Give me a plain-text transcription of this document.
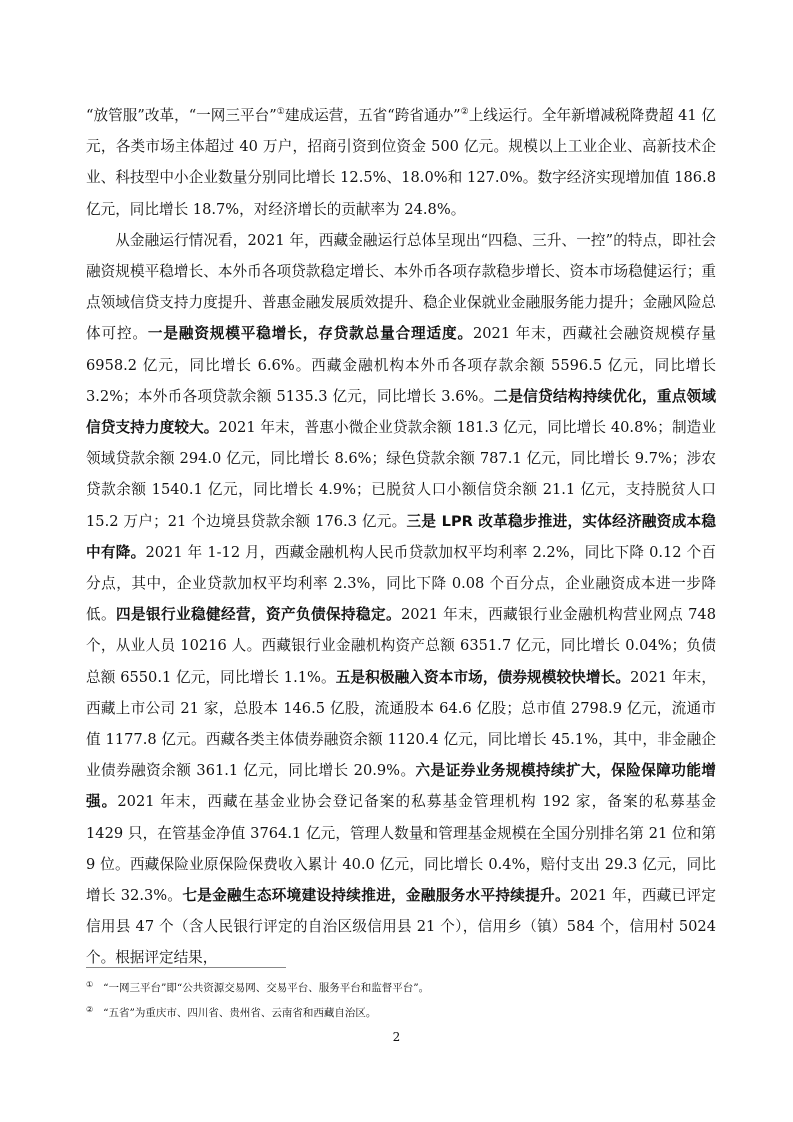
“放管服”改革，“一网三平台”①建成运营，五省“跨省通办”②上线运行。全年新增减税降费超 41 亿元，各类市场主体超过 40 万户，招商引资到位资金 500 亿元。规模以上工业企业、高新技术企业、科技型中小企业数量分别同比增长 12.5%、18.0%和 127.0%。数字经济实现增加值 186.8 亿元，同比增长 18.7%，对经济增长的贡献率为 24.8%。

从金融运行情况看，2021 年，西藏金融运行总体呈现出“四稳、三升、一控”的特点，即社会融资规模平稳增长、本外币各项贷款稳定增长、本外币各项存款稳步增长、资本市场稳健运行；重点领域信贷支持力度提升、普惠金融发展质效提升、稳企业保就业金融服务能力提升；金融风险总体可控。一是融资规模平稳增长，存贷款总量合理适度。2021 年末，西藏社会融资规模存量 6958.2 亿元，同比增长 6.6%。西藏金融机构本外币各项存款余额 5596.5 亿元，同比增长 3.2%；本外币各项贷款余额 5135.3 亿元，同比增长 3.6%。二是信贷结构持续优化，重点领域信贷支持力度较大。2021 年末，普惠小微企业贷款余额 181.3 亿元，同比增长 40.8%；制造业领域贷款余额 294.0 亿元，同比增长 8.6%；绿色贷款余额 787.1 亿元，同比增长 9.7%；涉农贷款余额 1540.1 亿元，同比增长 4.9%；已脱贫人口小额信贷余额 21.1 亿元，支持脱贫人口 15.2 万户；21 个边境县贷款余额 176.3 亿元。三是 LPR 改革稳步推进，实体经济融资成本稳中有降。2021 年 1-12 月，西藏金融机构人民币贷款加权平均利率 2.2%，同比下降 0.12 个百分点，其中，企业贷款加权平均利率 2.3%，同比下降 0.08 个百分点，企业融资成本进一步降低。四是银行业稳健经营，资产负债保持稳定。2021 年末，西藏银行业金融机构营业网点 748 个，从业人员 10216 人。西藏银行业金融机构资产总额 6351.7 亿元，同比增长 0.04%；负债总额 6550.1 亿元，同比增长 1.1%。五是积极融入资本市场，债券规模较快增长。2021 年末，西藏上市公司 21 家，总股本 146.5 亿股，流通股本 64.6 亿股；总市值 2798.9 亿元，流通市值 1177.8 亿元。西藏各类主体债券融资余额 1120.4 亿元，同比增长 45.1%，其中，非金融企业债券融资余额 361.1 亿元，同比增长 20.9%。六是证券业务规模持续扩大，保险保障功能增强。2021 年末，西藏在基金业协会登记备案的私募基金管理机构 192 家，备案的私募基金 1429 只，在管基金净值 3764.1 亿元，管理人数量和管理基金规模在全国分别排名第 21 位和第 9 位。西藏保险业原保险保费收入累计 40.0 亿元，同比增长 0.4%，赔付支出 29.3 亿元，同比增长 32.3%。七是金融生态环境建设持续推进，金融服务水平持续提升。2021 年，西藏已评定信用县 47 个（含人民银行评定的自治区级信用县 21 个），信用乡（镇）584 个，信用村 5024 个。根据评定结果，

① “一网三平台”即“公共资源交易网、交易平台、服务平台和监督平台”。

② “五省”为重庆市、四川省、贵州省、云南省和西藏自治区。

2
